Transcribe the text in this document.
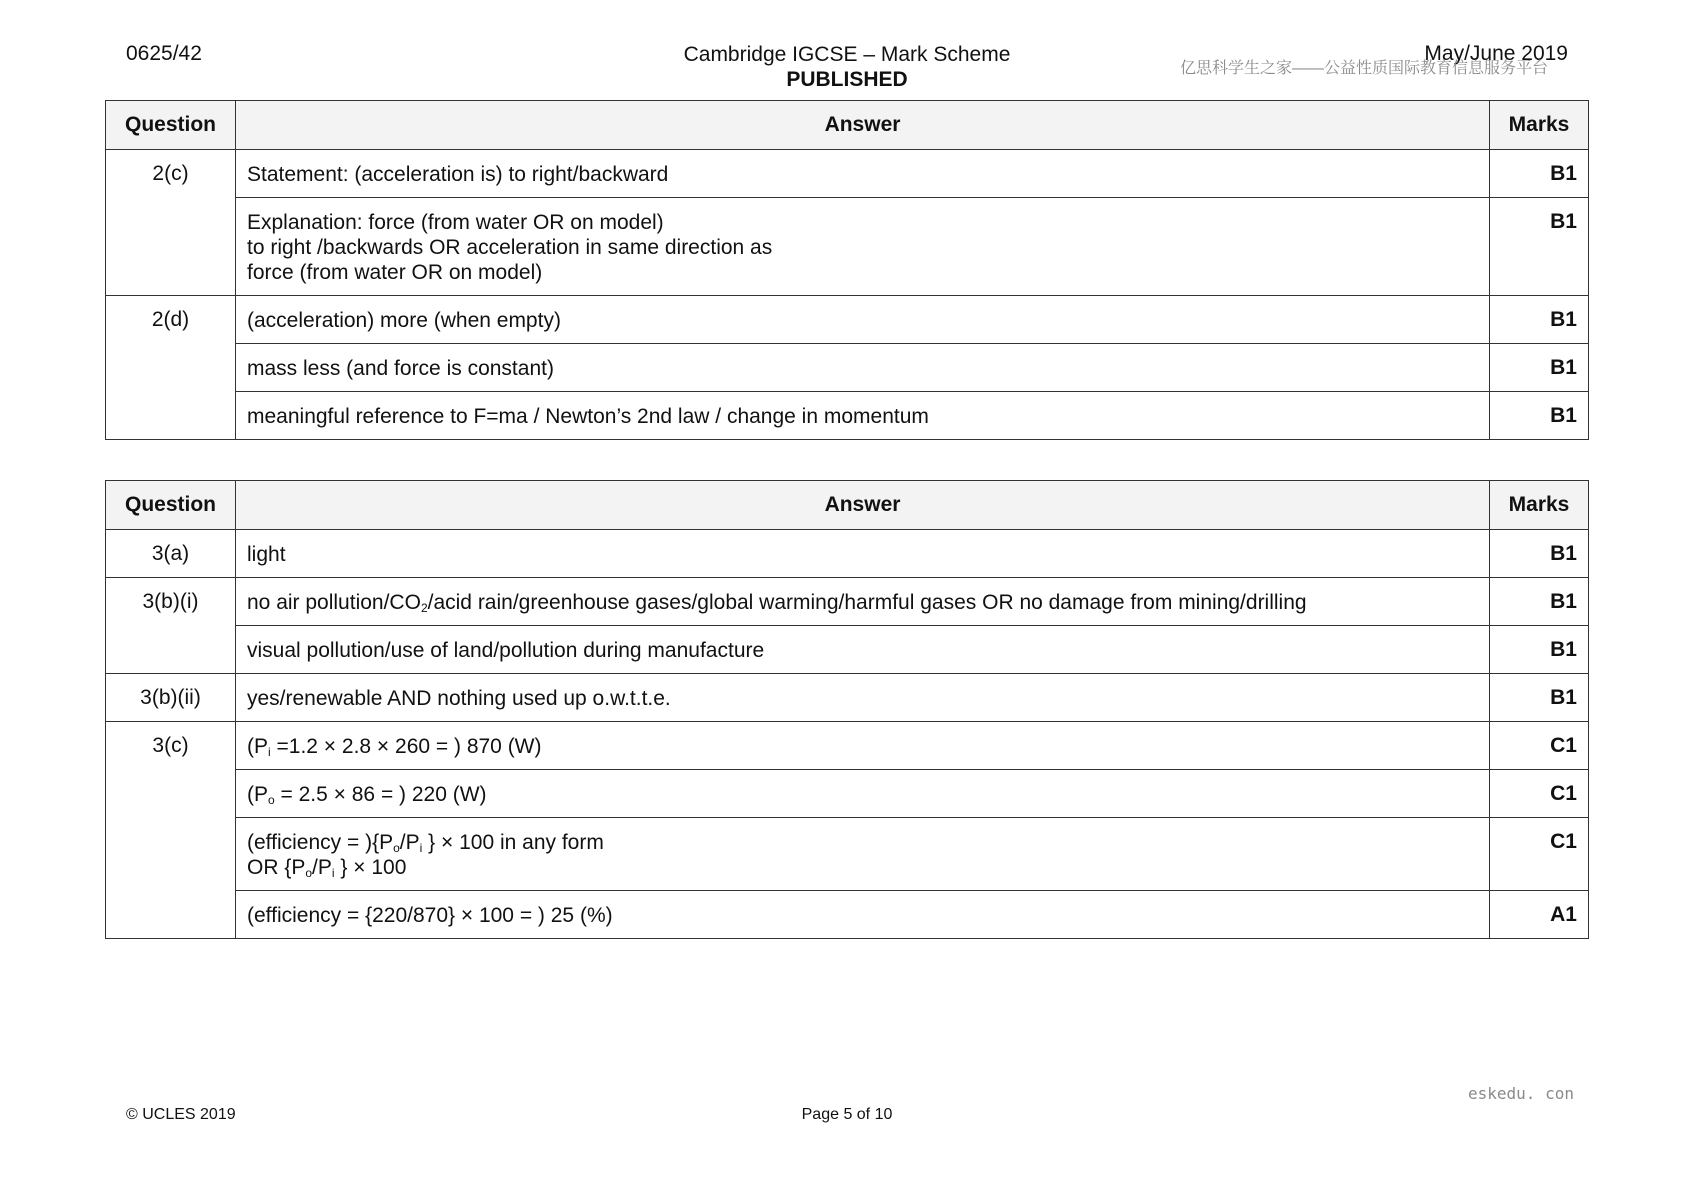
0625/42	Cambridge IGCSE – Mark Scheme
PUBLISHED
May/June 2019
亿思科学生之家——公益性质国际教育信息服务平台
Question	Answer	Marks
2(c)	Statement: (acceleration is) to right/backward	B1

	Explanation: force (from water OR on model)
to right /backwards OR acceleration in same direction as
force (from water OR on model)	B1
2(d)	(acceleration) more (when empty)	B1
	mass less (and force is constant)	B1
	meaningful reference to F=ma / Newton’s 2nd law / change in momentum	B1
Question	Answer	Marks
3(a)	light	B1
3(b)(i)	no air pollution/$CO_2$/acid rain/greenhouse gases/global warming/harmful gases OR no damage from mining/drilling	B1
	visual pollution/use of land/pollution during manufacture	B1
3(b)(ii)	yes/renewable AND nothing used up o.w.t.t.e.	B1
3(c)	($P_i =1.2 \times 2.8 \times 260$ = ) 870 (W)	C1
	($P_o = 2.5 \times 86$ = ) 220 (W)	C1

	(efficiency = ){$P_o/P_i$ } × 100 in any form
OR {$P_o/P_i$ } × 100	C1
	(efficiency = {220/870} × 100 = ) 25 (%)	A1
eskedu. con
© UCLES 2019	Page 5 of 10
